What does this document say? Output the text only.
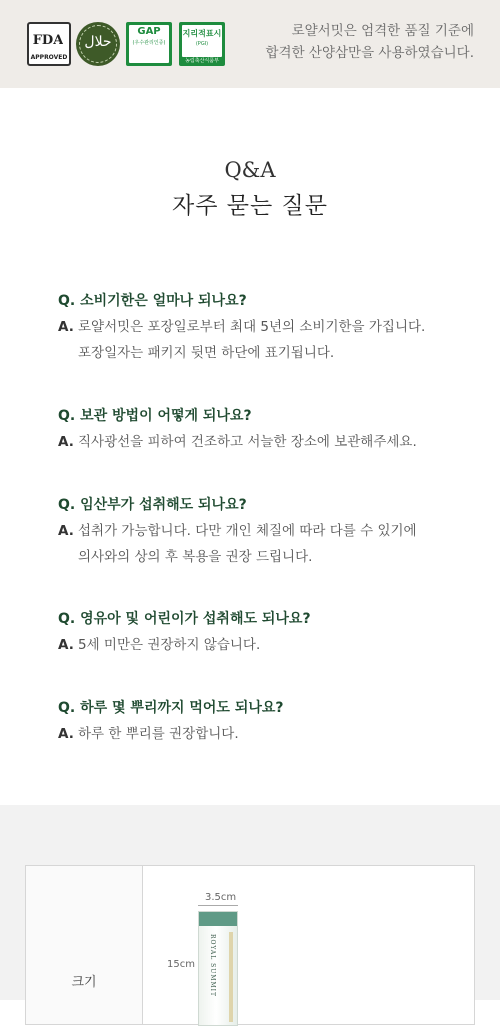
FDA
APPROVED
حلال
GAP
(우수관리인증)
농림축산식품부
지리적표시
(PGI)
농림축산식품부
로얄서밋은 엄격한 품질 기준에
합격한 산양삼만을 사용하였습니다.
Q&A
자주 묻는 질문
Q. 소비기한은 얼마나 되나요?
A. 로얄서밋은 포장일로부터 최대 5년의 소비기한을 가집니다.
포장일자는 패키지 뒷면 하단에 표기됩니다.
Q. 보관 방법이 어떻게 되나요?
A. 직사광선을 피하여 건조하고 서늘한 장소에 보관해주세요.
Q. 임산부가 섭취해도 되나요?
A. 섭취가 가능합니다. 다만 개인 체질에 따라 다를 수 있기에
의사와의 상의 후 복용을 권장 드립니다.
Q. 영유아 및 어린이가 섭취해도 되나요?
A. 5세 미만은 권장하지 않습니다.
Q. 하루 몇 뿌리까지 먹어도 되나요?
A. 하루 한 뿌리를 권장합니다.
크기
3.5cm
15cm ROYAL SUMMIT
